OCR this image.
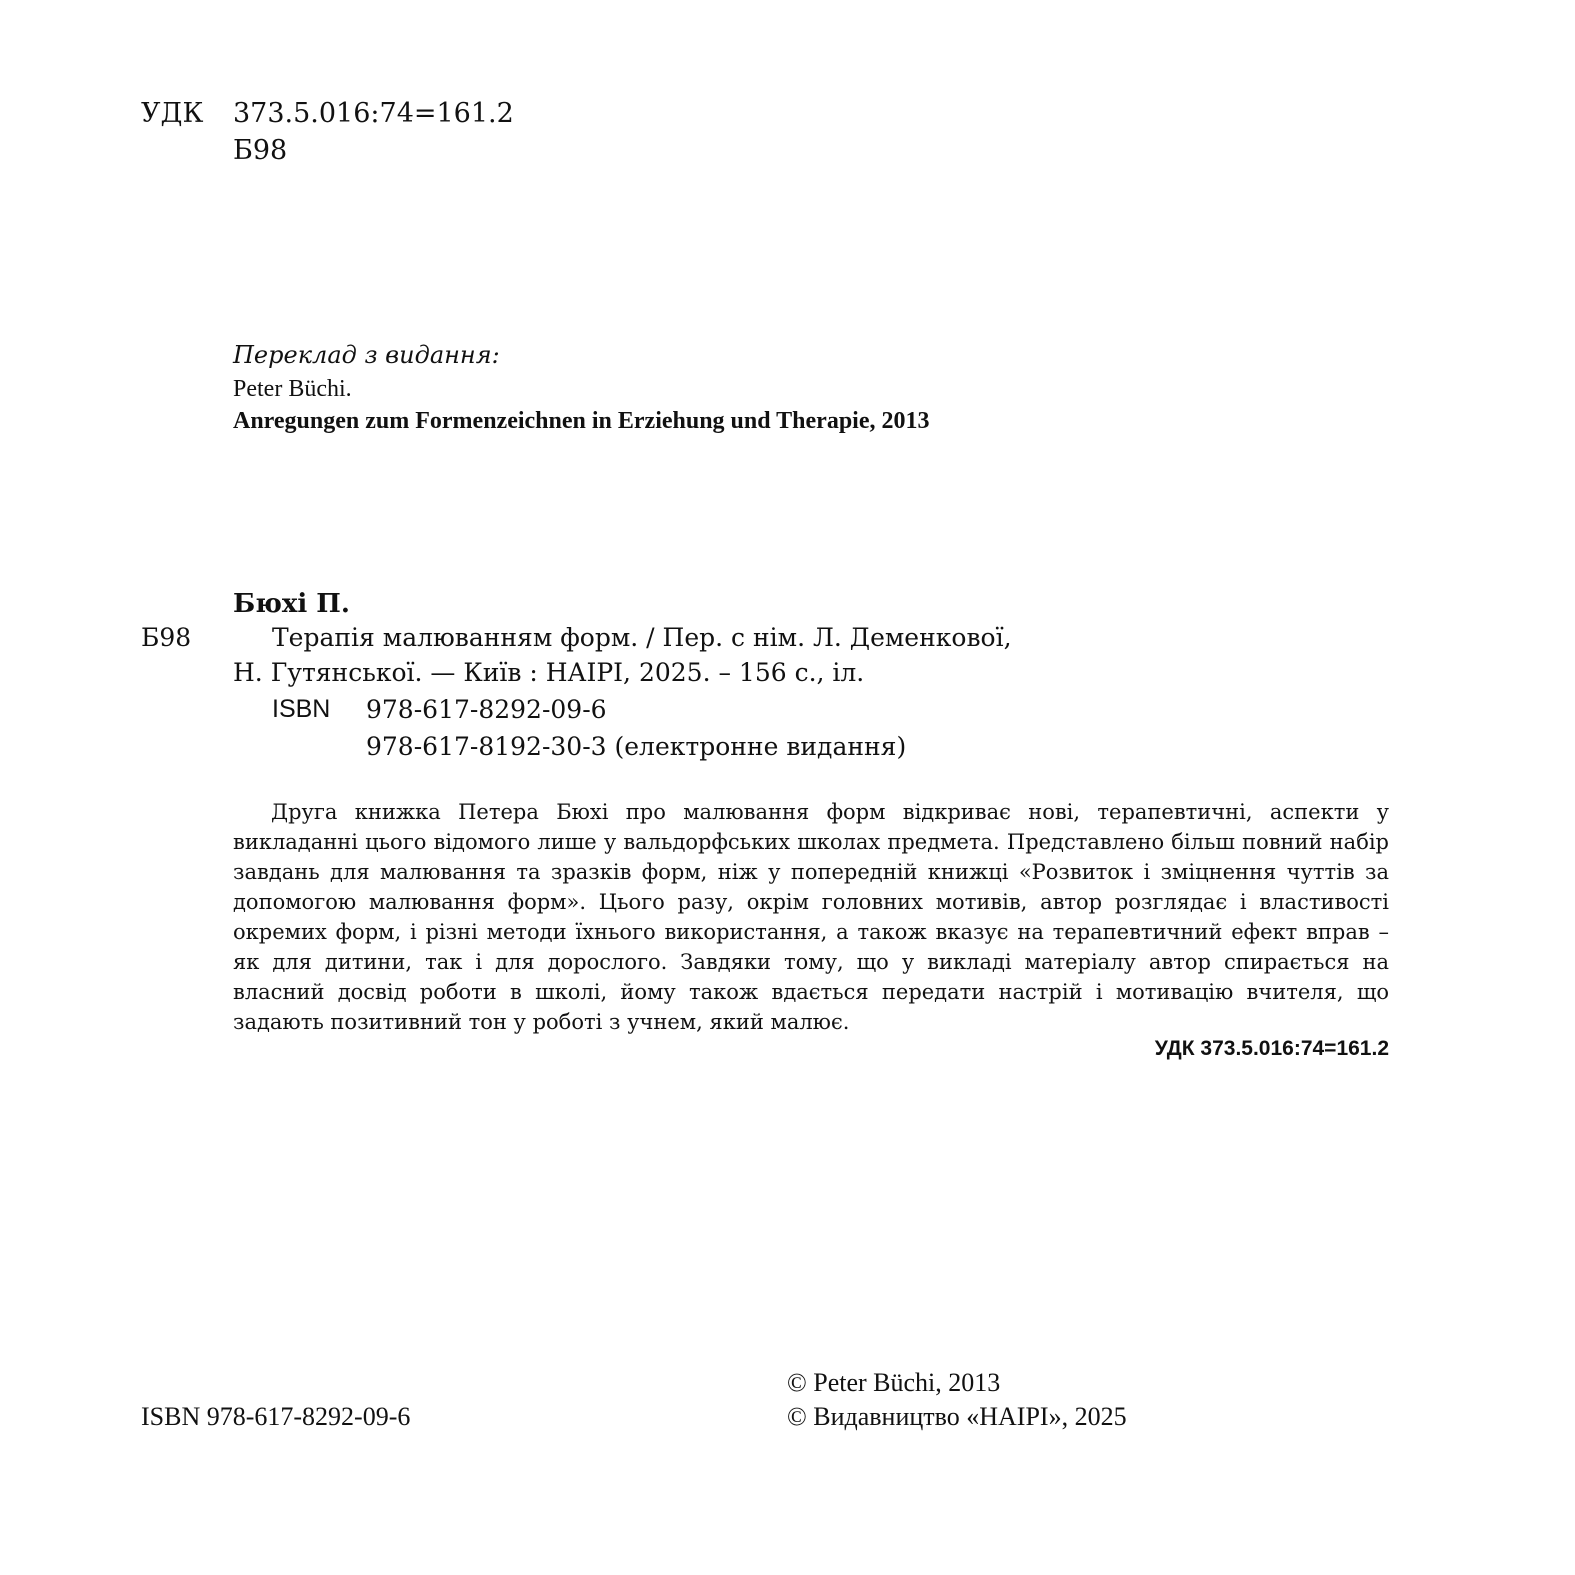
УДК 373.5.016:74=161.2
Б98
Переклад з видання:
Peter Büchi.
Anregungen zum Formenzeichnen in Erziehung und Therapie, 2013
Бюхі П.
Б98	Терапія малюванням форм. / Пер. с нім. Л. Деменкової,
Н. Гутянської. — Київ : НАІРІ, 2025. – 156 с., іл.
ISBN 978-617-8292-09-6
978-617-8192-30-3 (електронне видання)

Друга книжка Петера Бюхі про малювання форм відкриває нові, терапевтичні, аспекти у викладанні цього відомого лише у вальдорфських школах предмета. Представлено більш повний набір завдань для малювання та зразків форм, ніж у попередній книжці «Розвиток і зміцнення чуттів за допомогою малювання форм». Цього разу, окрім головних мотивів, автор розглядає і властивості окремих форм, і різні методи їхнього використання, а також вказує на терапевтичний ефект вправ – як для дитини, так і для дорослого. Завдяки тому, що у викладі матеріалу автор спирається на власний досвід роботи в школі, йому також вдається передати настрій і мотивацію вчителя, що задають позитивний тон у роботі з учнем, який малює.

УДК 373.5.016:74=161.2
ISBN 978-617-8292-09-6
© Peter Büchi, 2013
© Видавництво «НАІРІ», 2025
